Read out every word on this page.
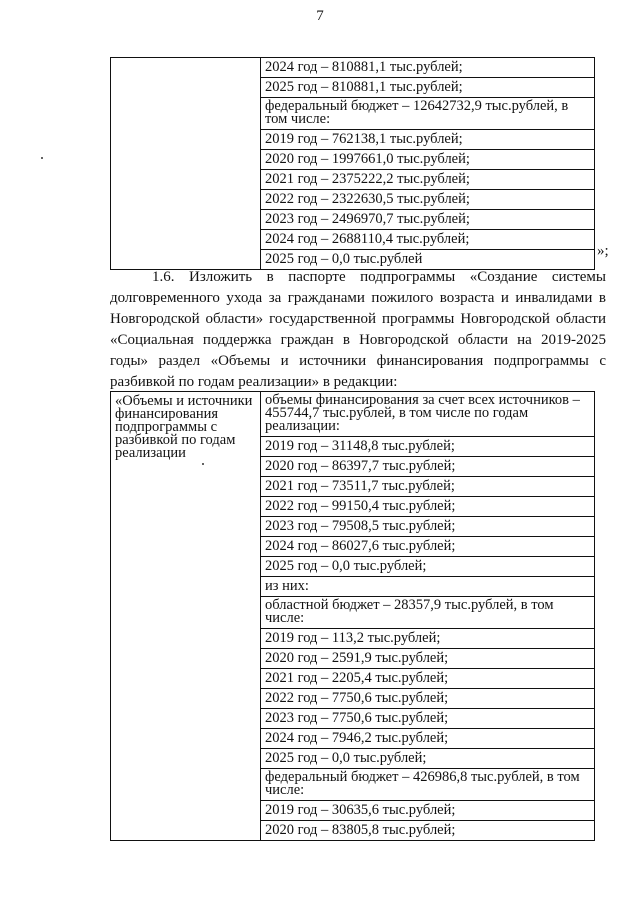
7

2024 год – 810881,1 тыс.рублей;
2025 год – 810881,1 тыс.рублей;
федеральный бюджет – 12642732,9 тыс.рублей, в том числе:
2019 год – 762138,1 тыс.рублей;
2020 год – 1997661,0 тыс.рублей;
2021 год – 2375222,2 тыс.рублей;
2022 год – 2322630,5 тыс.рублей;
2023 год – 2496970,7 тыс.рублей;
2024 год – 2688110,4 тыс.рублей;
2025 год – 0,0 тыс.рублей	»;

1.6. Изложить в паспорте подпрограммы «Создание системы долговременного ухода за гражданами пожилого возраста и инвалидами в Новгородской области» государственной программы Новгородской области «Социальная поддержка граждан в Новгородской области на 2019-2025 годы» раздел «Объемы и источники финансирования подпрограммы с разбивкой по годам реализации» в редакции:

«Объемы и источники финансирования подпрограммы с разбивкой по годам реализации

объемы финансирования за счет всех источников – 455744,7 тыс.рублей, в том числе по годам реализации:
2019 год – 31148,8 тыс.рублей;
2020 год – 86397,7 тыс.рублей;
2021 год – 73511,7 тыс.рублей;
2022 год – 99150,4 тыс.рублей;
2023 год – 79508,5 тыс.рублей;
2024 год – 86027,6 тыс.рублей;
2025 год – 0,0 тыс.рублей;
из них:
областной бюджет – 28357,9 тыс.рублей, в том числе:
2019 год – 113,2 тыс.рублей;
2020 год – 2591,9 тыс.рублей;
2021 год – 2205,4 тыс.рублей;
2022 год – 7750,6 тыс.рублей;
2023 год – 7750,6 тыс.рублей;
2024 год – 7946,2 тыс.рублей;
2025 год – 0,0 тыс.рублей;
федеральный бюджет – 426986,8 тыс.рублей, в том числе:
2019 год – 30635,6 тыс.рублей;
2020 год – 83805,8 тыс.рублей;
